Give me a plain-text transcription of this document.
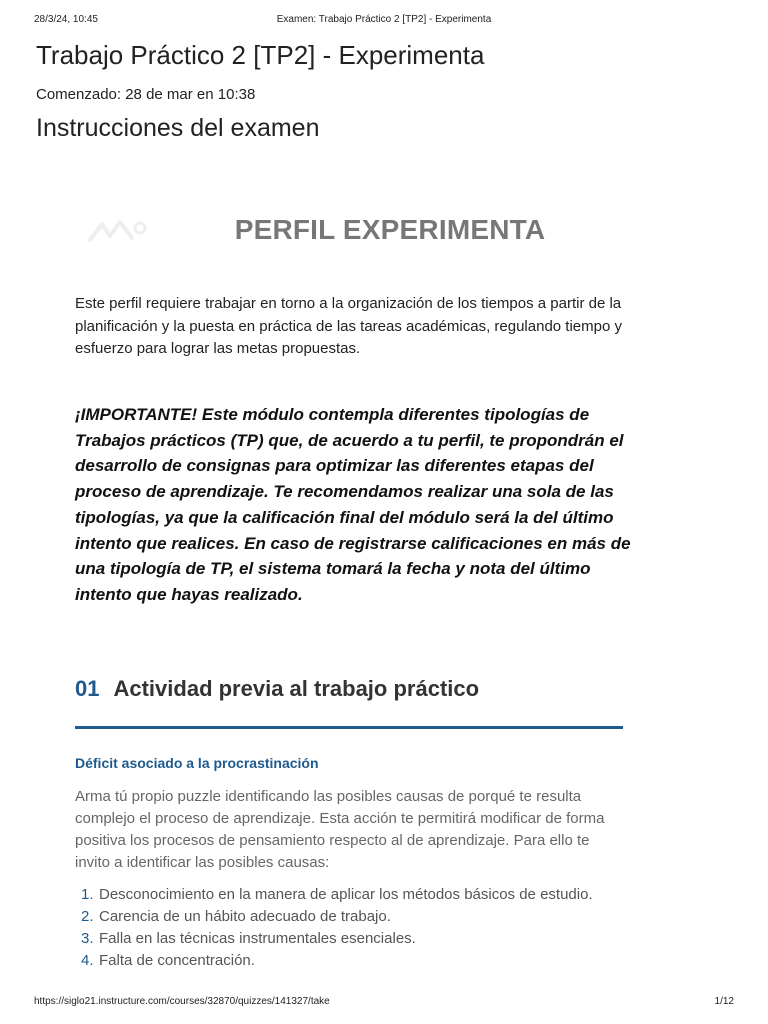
28/3/24, 10:45	Examen: Trabajo Práctico 2 [TP2] - Experimenta
Trabajo Práctico 2 [TP2] - Experimenta
Comenzado: 28 de mar en 10:38
Instrucciones del examen
PERFIL EXPERIMENTA

Este perfil requiere trabajar en torno a la organización de los tiempos a partir de la planificación y la puesta en práctica de las tareas académicas, regulando tiempo y esfuerzo para lograr las metas propuestas.

¡IMPORTANTE! Este módulo contempla diferentes tipologías de Trabajos prácticos (TP) que, de acuerdo a tu perfil, te propondrán el desarrollo de consignas para optimizar las diferentes etapas del proceso de aprendizaje. Te recomendamos realizar una sola de las tipologías, ya que la calificación final del módulo será la del último intento que realices. En caso de registrarse calificaciones en más de una tipología de TP, el sistema tomará la fecha y nota del último intento que hayas realizado.

01 Actividad previa al trabajo práctico
Déficit asociado a la procrastinación

Arma tú propio puzzle identificando las posibles causas de porqué te resulta complejo el proceso de aprendizaje. Esta acción te permitirá modificar de forma positiva los procesos de pensamiento respecto al de aprendizaje. Para ello te invito a identificar las posibles causas:

1. Desconocimiento en la manera de aplicar los métodos básicos de estudio.
2. Carencia de un hábito adecuado de trabajo.
3. Falla en las técnicas instrumentales esenciales.
4. Falta de concentración.
https://siglo21.instructure.com/courses/32870/quizzes/141327/take	1/12
